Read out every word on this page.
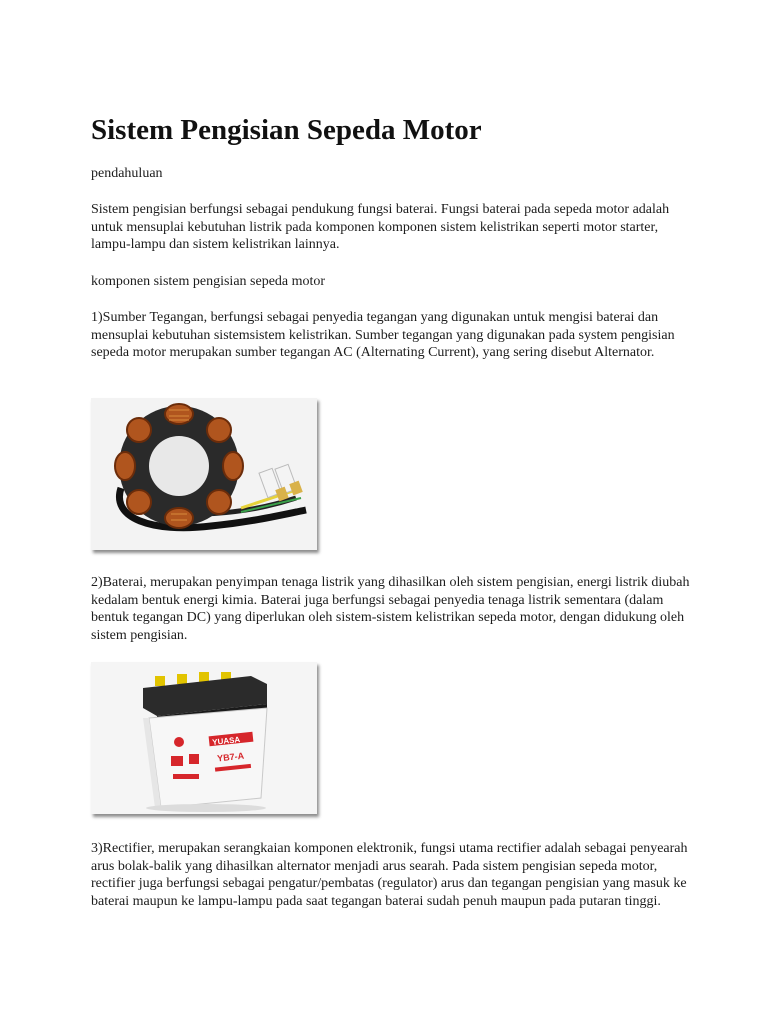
Sistem Pengisian Sepeda Motor

pendahuluan

Sistem pengisian berfungsi sebagai pendukung fungsi baterai. Fungsi baterai pada sepeda motor adalah untuk mensuplai kebutuhan listrik pada komponen komponen sistem kelistrikan seperti motor starter, lampu-lampu dan sistem kelistrikan lainnya.

komponen sistem pengisian sepeda motor

1)Sumber Tegangan, berfungsi sebagai penyedia tegangan yang digunakan untuk mengisi baterai dan mensuplai kebutuhan sistemsistem kelistrikan. Sumber tegangan yang digunakan pada system pengisian sepeda motor merupakan sumber tegangan AC (Alternating Current), yang sering disebut Alternator.

2)Baterai, merupakan penyimpan tenaga listrik yang dihasilkan oleh sistem pengisian, energi listrik diubah kedalam bentuk energi kimia. Baterai juga berfungsi sebagai penyedia tenaga listrik sementara (dalam bentuk tegangan DC) yang diperlukan oleh sistem-sistem kelistrikan sepeda motor, dengan didukung oleh sistem pengisian.

YUASA
YB7-A

3)Rectifier, merupakan serangkaian komponen elektronik, fungsi utama rectifier adalah sebagai penyearah arus bolak-balik yang dihasilkan alternator menjadi arus searah. Pada sistem pengisian sepeda motor, rectifier juga berfungsi sebagai pengatur/pembatas (regulator) arus dan tegangan pengisian yang masuk ke baterai maupun ke lampu-lampu pada saat tegangan baterai sudah penuh maupun pada putaran tinggi.
